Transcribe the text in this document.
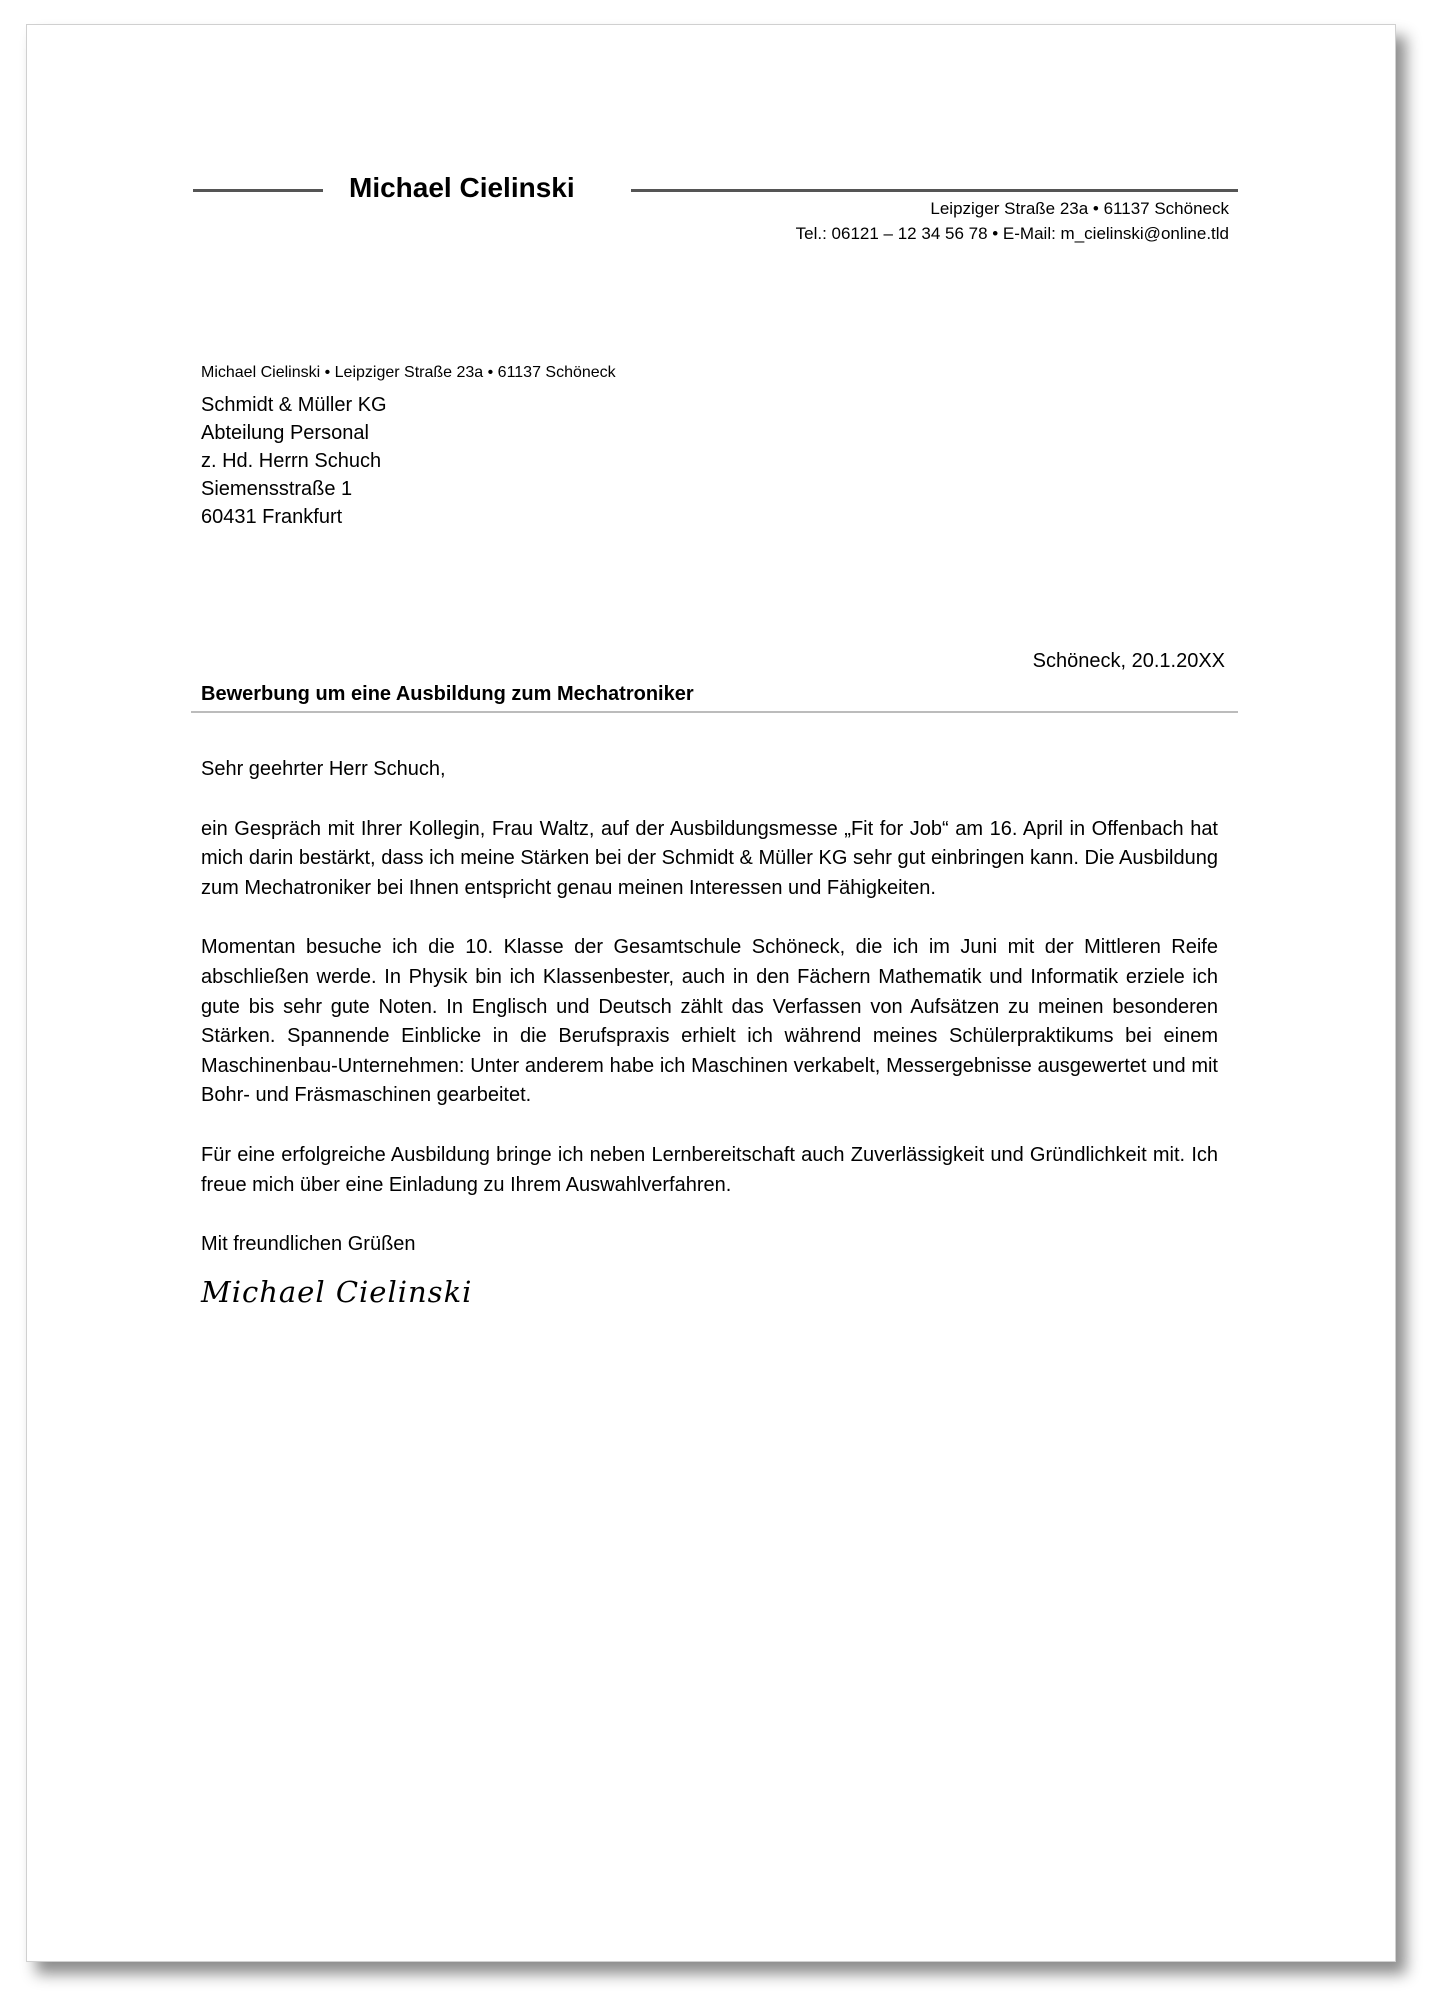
Michael Cielinski
Leipziger Straße 23a • 61137 Schöneck
Tel.: 06121 – 12 34 56 78 • E-Mail: m_cielinski@online.tld
Michael Cielinski • Leipziger Straße 23a • 61137 Schöneck
Schmidt & Müller KG
Abteilung Personal
z. Hd. Herrn Schuch
Siemensstraße 1
60431 Frankfurt
Schöneck, 20.1.20XX
Bewerbung um eine Ausbildung zum Mechatroniker
Sehr geehrter Herr Schuch,
ein Gespräch mit Ihrer Kollegin, Frau Waltz, auf der Ausbildungsmesse „Fit for Job“ am 16. April in Offenbach hat mich darin bestärkt, dass ich meine Stärken bei der Schmidt & Müller KG sehr gut einbringen kann. Die Ausbildung zum Mechatroniker bei Ihnen entspricht genau meinen Interessen und Fähigkeiten.
Momentan besuche ich die 10. Klasse der Gesamtschule Schöneck, die ich im Juni mit der Mittleren Reife abschließen werde. In Physik bin ich Klassenbester, auch in den Fächern Mathematik und Informatik erziele ich gute bis sehr gute Noten. In Englisch und Deutsch zählt das Verfassen von Aufsätzen zu meinen besonderen Stärken. Spannende Einblicke in die Berufspraxis erhielt ich während meines Schülerpraktikums bei einem Maschinenbau-Unternehmen: Unter anderem habe ich Maschinen verkabelt, Messergebnisse ausgewertet und mit Bohr- und Fräsmaschinen gearbeitet.
Für eine erfolgreiche Ausbildung bringe ich neben Lernbereitschaft auch Zuverlässigkeit und Gründlichkeit mit. Ich freue mich über eine Einladung zu Ihrem Auswahlverfahren.
Mit freundlichen Grüßen
Michael Cielinski
